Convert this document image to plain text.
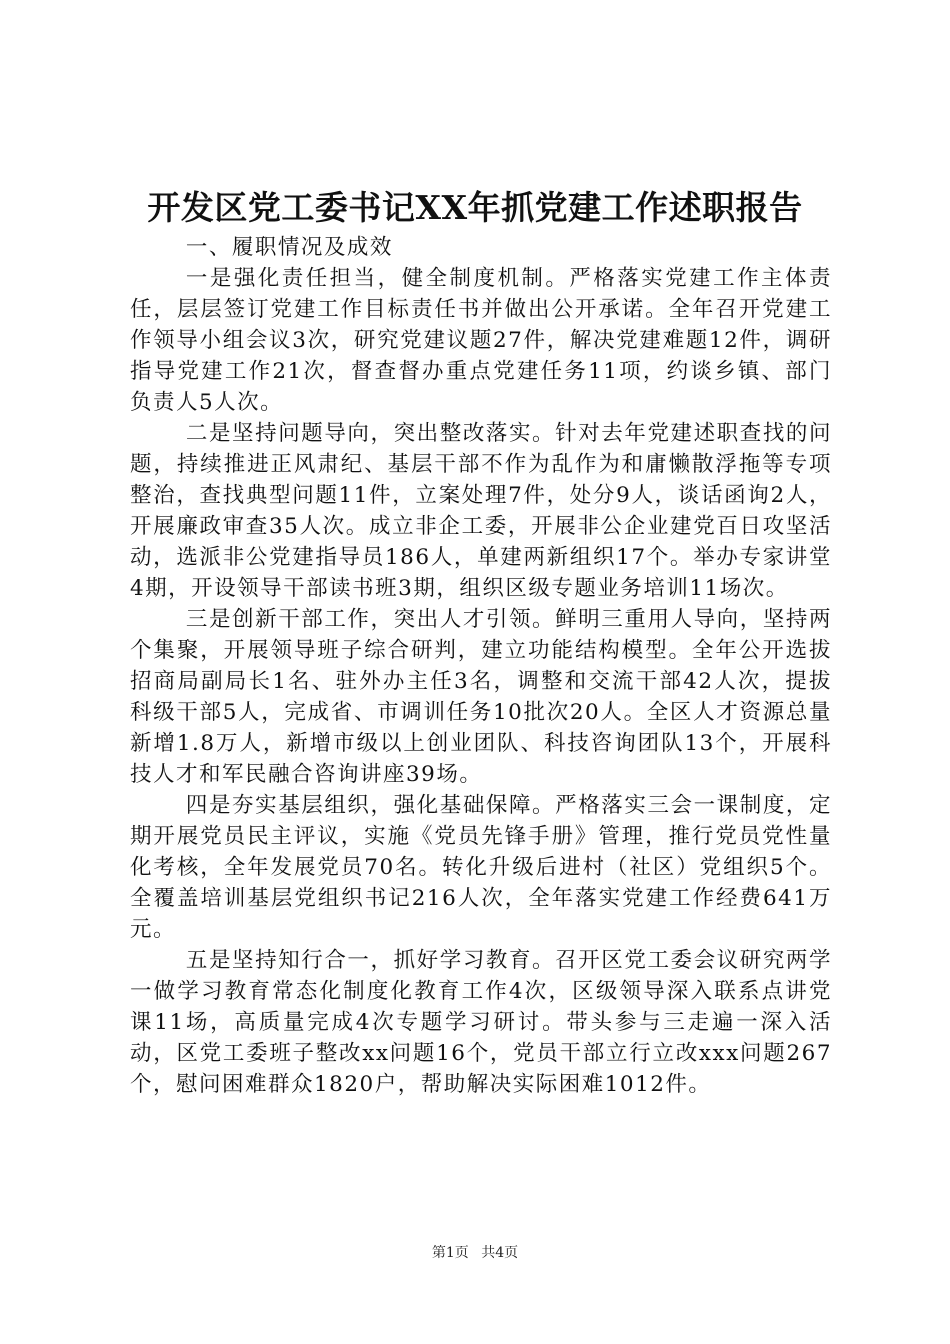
开发区党工委书记XX年抓党建工作述职报告

一、履职情况及成效

一是强化责任担当，健全制度机制。严格落实党建工作主体责任，层层签订党建工作目标责任书并做出公开承诺。全年召开党建工作领导小组会议3次，研究党建议题27件，解决党建难题12件，调研指导党建工作21次，督查督办重点党建任务11项，约谈乡镇、部门负责人5人次。

二是坚持问题导向，突出整改落实。针对去年党建述职查找的问题，持续推进正风肃纪、基层干部不作为乱作为和庸懒散浮拖等专项整治，查找典型问题11件，立案处理7件，处分9人，谈话函询2人，开展廉政审查35人次。成立非企工委，开展非公企业建党百日攻坚活动，选派非公党建指导员186人，单建两新组织17个。举办专家讲堂4期，开设领导干部读书班3期，组织区级专题业务培训11场次。

三是创新干部工作，突出人才引领。鲜明三重用人导向，坚持两个集聚，开展领导班子综合研判，建立功能结构模型。全年公开选拔招商局副局长1名、驻外办主任3名，调整和交流干部42人次，提拔科级干部5人，完成省、市调训任务10批次20人。全区人才资源总量新增1.8万人，新增市级以上创业团队、科技咨询团队13个，开展科技人才和军民融合咨询讲座39场。

四是夯实基层组织，强化基础保障。严格落实三会一课制度，定期开展党员民主评议，实施《党员先锋手册》管理，推行党员党性量化考核，全年发展党员70名。转化升级后进村（社区）党组织5个。全覆盖培训基层党组织书记216人次，全年落实党建工作经费641万元。

五是坚持知行合一，抓好学习教育。召开区党工委会议研究两学一做学习教育常态化制度化教育工作4次，区级领导深入联系点讲党课11场，高质量完成4次专题学习研讨。带头参与三走遍一深入活动，区党工委班子整改xx问题16个，党员干部立行立改xxx问题267个，慰问困难群众1820户，帮助解决实际困难1012件。

第1页 共4页
